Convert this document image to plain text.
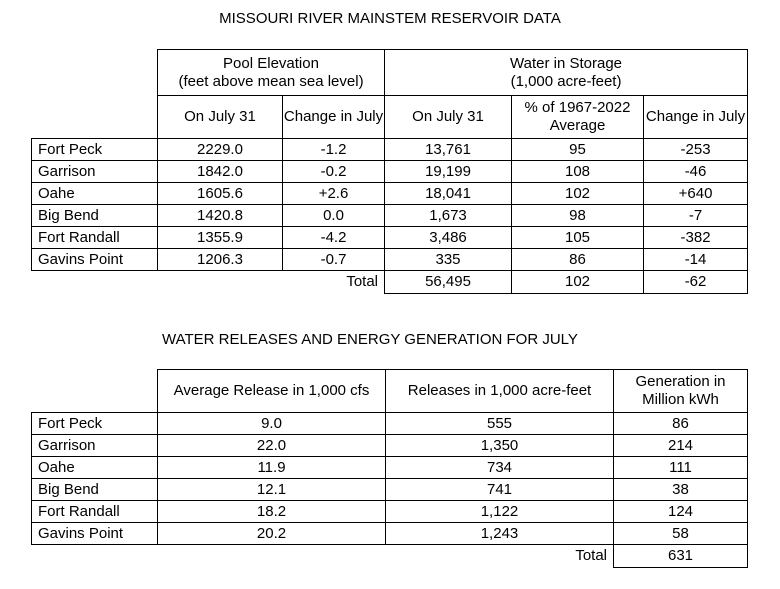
MISSOURI RIVER MAINSTEM RESERVOIR DATA
	Pool Elevation
(feet above mean sea level)		Water in Storage
(1,000 acre-feet)		
	On July 31	Change in July	On July 31	% of 1967-2022 Average	Change in July
Fort Peck	2229.0	-1.2	13,761	95	-253
Garrison	1842.0	-0.2	19,199	108	-46
Oahe	1605.6	+2.6	18,041	102	+640
Big Bend	1420.8	0.0	1,673	98	-7
Fort Randall	1355.9	-4.2	3,486	105	-382
Gavins Point	1206.3	-0.7	335	86	-14
		Total	56,495	102	-62
WATER RELEASES AND ENERGY GENERATION FOR JULY
	Average Release in 1,000 cfs	Releases in 1,000 acre-feet	Generation in Million kWh
Fort Peck	9.0	555	86
Garrison	22.0	1,350	214
Oahe	11.9	734	111
Big Bend	12.1	741	38
Fort Randall	18.2	1,122	124
Gavins Point	20.2	1,243	58
		Total	631
